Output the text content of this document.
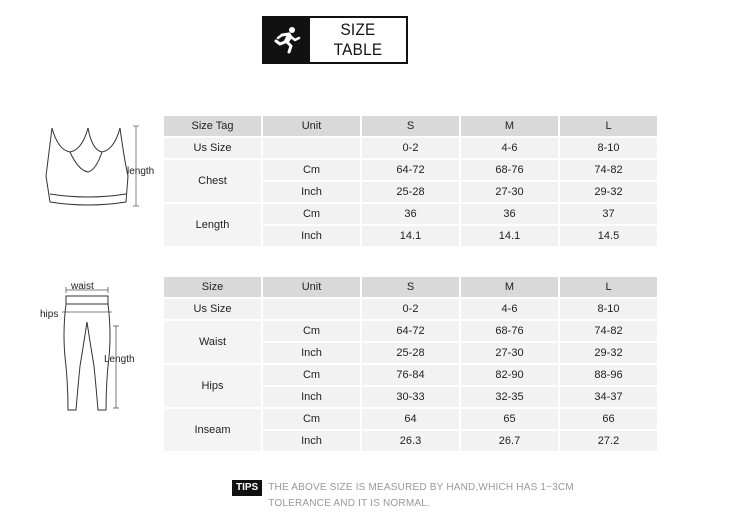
SIZE TABLE
length
waist
hips
Length
Size Tag	Unit	S	M	L
Us Size		0-2	4-6	8-10
Chest	Cm	64-72	68-76	74-82
	Inch	25-28	27-30	29-32
Length	Cm	36	36	37
	Inch	14.1	14.1	14.5
Size	Unit	S	M	L
Us Size		0-2	4-6	8-10
Waist	Cm	64-72	68-76	74-82
	Inch	25-28	27-30	29-32
Hips	Cm	76-84	82-90	88-96
	Inch	30-33	32-35	34-37
Inseam	Cm	64	65	66
	Inch	26.3	26.7	27.2
TIPS	THE ABOVE SIZE IS MEASURED BY HAND,WHICH HAS 1~3CM TOLERANCE AND IT IS NORMAL.
